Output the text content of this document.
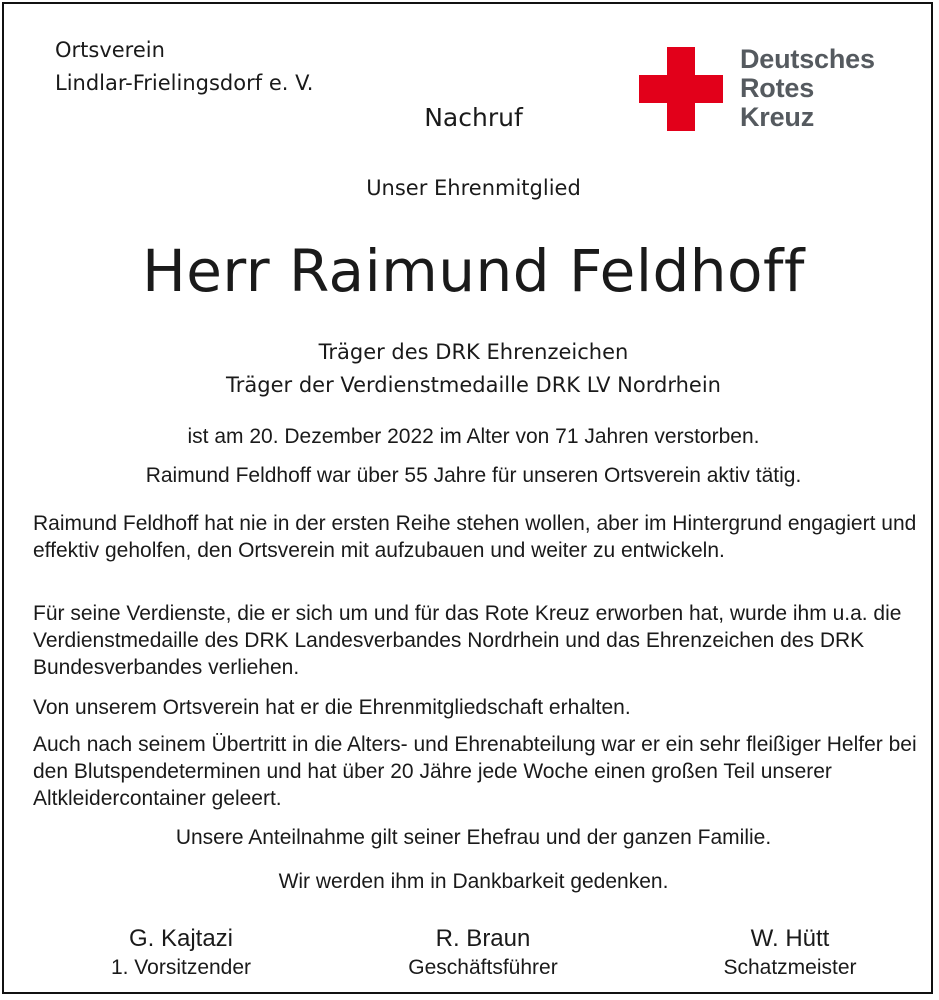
Ortsverein
Lindlar-Frielingsdorf e. V.
Deutsches
Rotes
Kreuz
Nachruf
Unser Ehrenmitglied
Herr Raimund Feldhoff
Träger des DRK Ehrenzeichen
Träger der Verdienstmedaille DRK LV Nordrhein
ist am 20. Dezember 2022 im Alter von 71 Jahren verstorben.
Raimund Feldhoff war über 55 Jahre für unseren Ortsverein aktiv tätig.
Raimund Feldhoff hat nie in der ersten Reihe stehen wollen, aber im Hintergrund engagiert und effektiv geholfen, den Ortsverein mit aufzubauen und weiter zu entwickeln.
Für seine Verdienste, die er sich um und für das Rote Kreuz erworben hat, wurde ihm u.a. die Verdienstmedaille des DRK Landesverbandes Nordrhein und das Ehrenzeichen des DRK Bundesverbandes verliehen.
Von unserem Ortsverein hat er die Ehrenmitgliedschaft erhalten.
Auch nach seinem Übertritt in die Alters- und Ehrenabteilung war er ein sehr fleißiger Helfer bei den Blutspendeterminen und hat über 20 Jähre jede Woche einen großen Teil unserer Altkleidercontainer geleert.
Unsere Anteilnahme gilt seiner Ehefrau und der ganzen Familie.
Wir werden ihm in Dankbarkeit gedenken.
G. Kajtazi
1. Vorsitzender
R. Braun
Geschäftsführer
W. Hütt
Schatzmeister
